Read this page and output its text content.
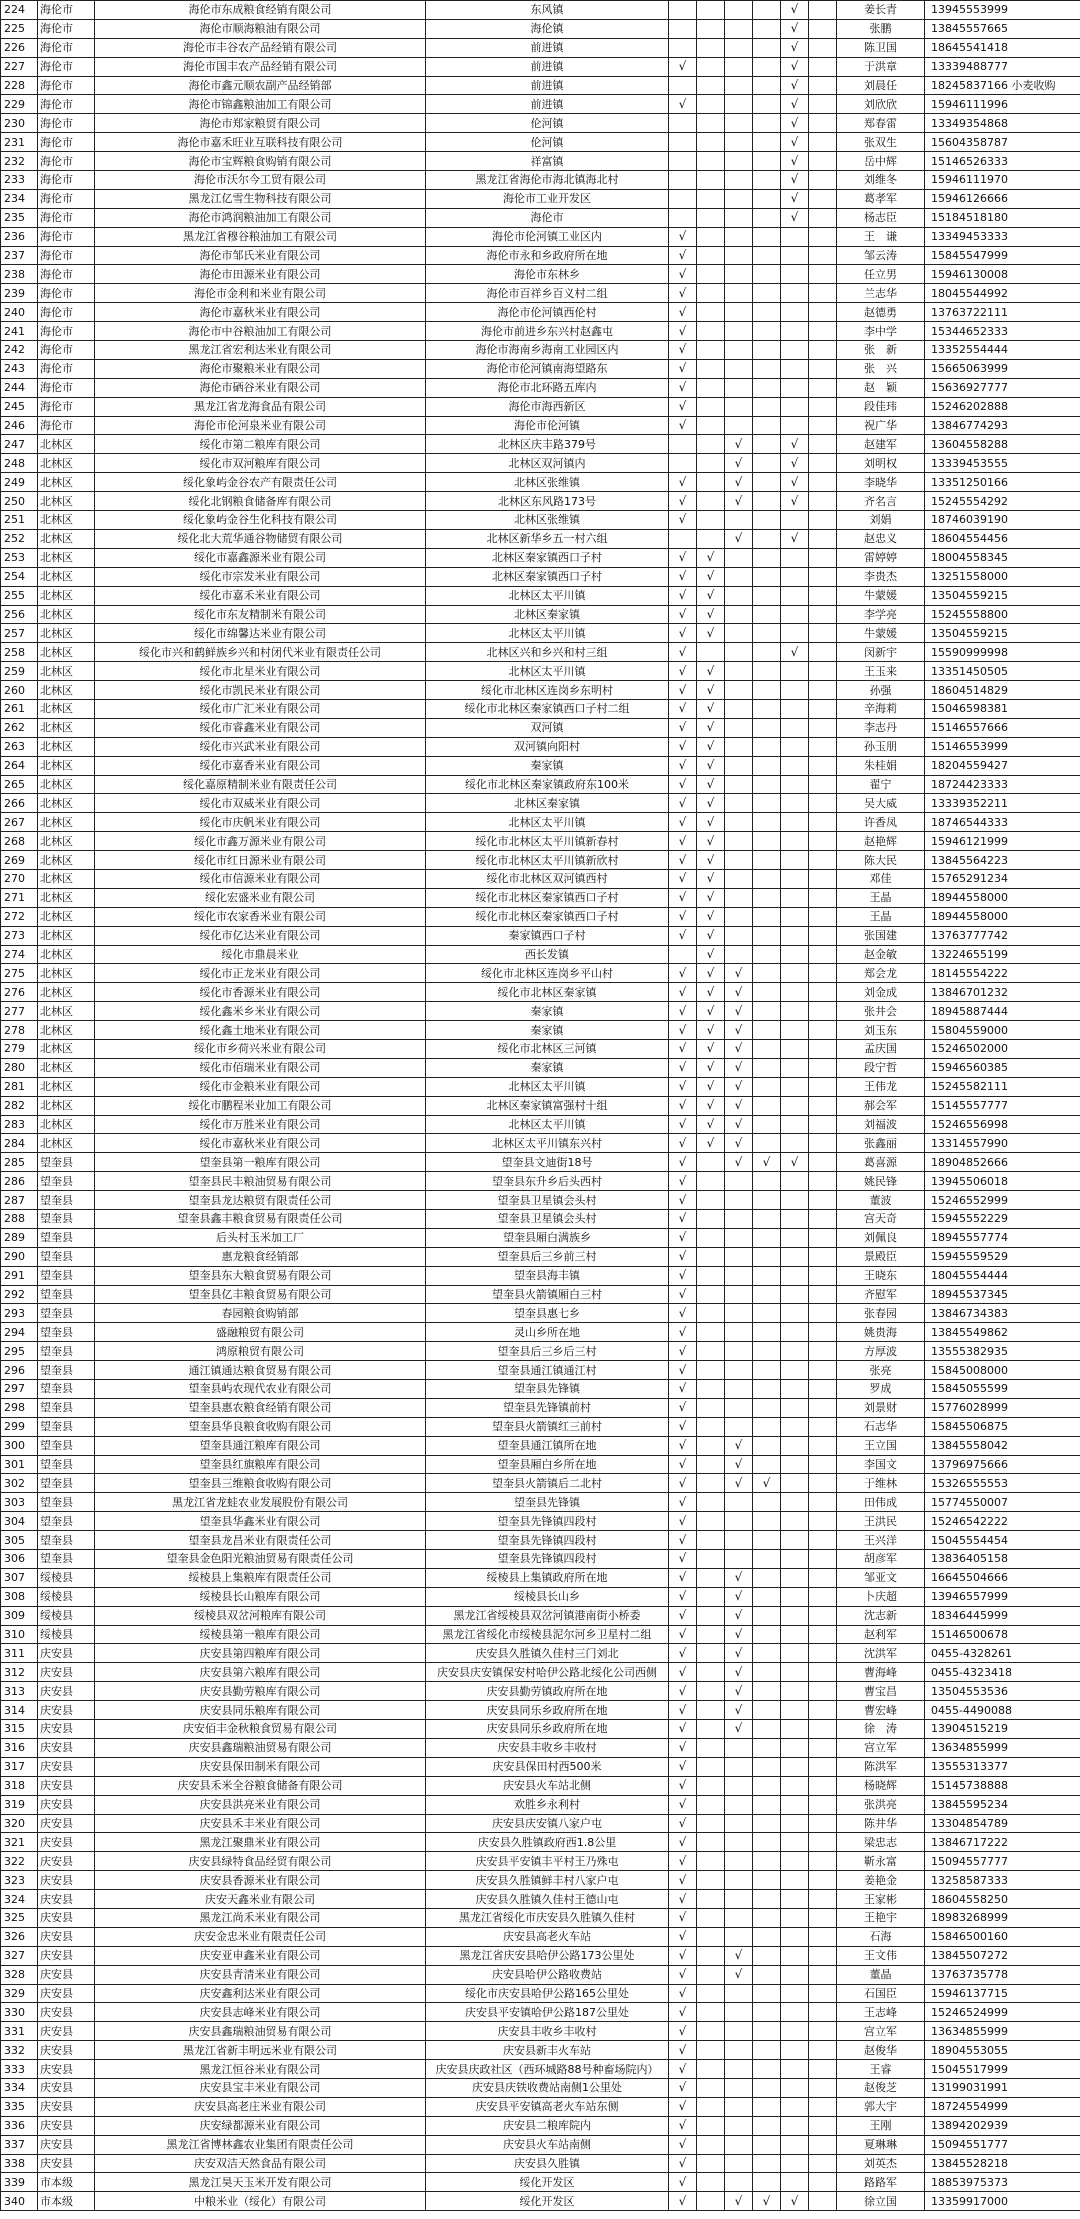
224	海伦市	海伦市东成粮食经销有限公司	东风镇					√		姜长青	13945553999
225	海伦市	海伦市顺海粮油有限公司	海伦镇					√		张鹏	13845557665
226	海伦市	海伦市丰谷农产品经销有限公司	前进镇					√		陈卫国	18645541418
227	海伦市	海伦市国丰农产品经销有限公司	前进镇	√				√		于洪章	13339488777
228	海伦市	海伦市鑫元顺农副产品经销部	前进镇					√		刘晨任	18245837166 小麦收购
229	海伦市	海伦市锦鑫粮油加工有限公司	前进镇	√				√		刘欣欣	15946111996
230	海伦市	海伦市郑家粮贸有限公司	伦河镇					√		郑春雷	13349354868
231	海伦市	海伦市嘉禾旺业互联科技有限公司	伦河镇					√		张双生	15604358787
232	海伦市	海伦市宝辉粮食购销有限公司	祥富镇					√		岳中辉	15146526333
233	海伦市	海伦市沃尔今工贸有限公司	黑龙江省海伦市海北镇海北村					√		刘维冬	15946111970
234	海伦市	黑龙江亿雪生物科技有限公司	海伦市工业开发区					√		葛孝军	15946126666
235	海伦市	海伦市鸿润粮油加工有限公司	海伦市					√		杨志臣	15184518180
236	海伦市	黑龙江省穆谷粮油加工有限公司	海伦市伦河镇工业区内	√						王　谦	13349453333
237	海伦市	海伦市邹氏米业有限公司	海伦市永和乡政府所在地	√						邹云涛	15845547999
238	海伦市	海伦市田源米业有限公司	海伦市东林乡	√						任立男	15946130008
239	海伦市	海伦市金利和米业有限公司	海伦市百祥乡百义村二组	√						兰志华	18045544992
240	海伦市	海伦市嘉秋米业有限公司	海伦市伦河镇西伦村	√						赵德勇	13763722111
241	海伦市	海伦市中谷粮油加工有限公司	海伦市前进乡东兴村赵鑫屯	√						李中学	15344652333
242	海伦市	黑龙江省宏利达米业有限公司	海伦市海南乡海南工业园区内	√						张　新	13352554444
243	海伦市	海伦市聚粮米业有限公司	海伦市伦河镇南海望路东	√						张　兴	15665063999
244	海伦市	海伦市硒谷米业有限公司	海伦市北环路五库内	√						赵　颖	15636927777
245	海伦市	黑龙江省龙海食品有限公司	海伦市海西新区	√						段佳玮	15246202888
246	海伦市	海伦市伦河泉米业有限公司	海伦市伦河镇	√						祝广华	13846774293
247	北林区	绥化市第二粮库有限公司	北林区庆丰路379号			√		√		赵建军	13604558288
248	北林区	绥化市双河粮库有限公司	北林区双河镇内			√		√		刘明权	13339453555
249	北林区	绥化象屿金谷农产有限责任公司	北林区张维镇	√		√		√		李晓华	13351250166
250	北林区	绥化北钢粮食储备库有限公司	北林区东风路173号	√		√		√		齐名言	15245554292
251	北林区	绥化象屿金谷生化科技有限公司	北林区张维镇	√						刘娟	18746039190
252	北林区	绥化北大荒华通谷物储贸有限公司	北林区新华乡五一村六组			√		√		赵忠义	18604554456
253	北林区	绥化市嘉鑫源米业有限公司	北林区秦家镇西口子村	√	√					雷婷婷	18004558345
254	北林区	绥化市宗发米业有限公司	北林区秦家镇西口子村	√	√					李贵杰	13251558000
255	北林区	绥化市嘉禾米业有限公司	北林区太平川镇	√	√					牛蒙媛	13504559215
256	北林区	绥化市东友精制米有限公司	北林区秦家镇	√	√					李学亮	15245558800
257	北林区	绥化市绵馨达米业有限公司	北林区太平川镇	√	√					牛蒙媛	13504559215
258	北林区	绥化市兴和鹤鲜族乡兴和村闭代米业有限责任公司	北林区兴和乡兴和村三组	√				√		闵新宇	15590999998
259	北林区	绥化市北星米业有限公司	北林区太平川镇	√	√					王玉来	13351450505
260	北林区	绥化市凯民米业有限公司	绥化市北林区连岗乡东明村	√	√					孙强	18604514829
261	北林区	绥化市广汇米业有限公司	绥化市北林区秦家镇西口子村二组	√	√					辛海莉	15046598381
262	北林区	绥化市睿鑫米业有限公司	双河镇	√	√					李志丹	15146557666
263	北林区	绥化市兴武米业有限公司	双河镇向阳村	√	√					孙玉朋	15146553999
264	北林区	绥化市嘉香米业有限公司	秦家镇	√	√					朱桂娟	18204559427
265	北林区	绥化嘉原精制米业有限责任公司	绥化市北林区秦家镇政府东100米	√	√					翟宁	18724423333
266	北林区	绥化市双威米业有限公司	北林区秦家镇	√	√					吴大威	13339352211
267	北林区	绥化市庆帆米业有限公司	北林区太平川镇	√	√					许香凤	18746544333
268	北林区	绥化市鑫万源米业有限公司	绥化市北林区太平川镇新春村	√	√					赵艳辉	15946121999
269	北林区	绥化市红日源米业有限公司	绥化市北林区太平川镇新欣村	√	√					陈大民	13845564223
270	北林区	绥化市信源米业有限公司	绥化市北林区双河镇西村	√	√					邓佳	15765291234
271	北林区	绥化宏盛米业有限公司	绥化市北林区秦家镇西口子村	√	√					王晶	18944558000
272	北林区	绥化市农家香米业有限公司	绥化市北林区秦家镇西口子村	√	√					王晶	18944558000
273	北林区	绥化市亿达米业有限公司	秦家镇西口子村	√	√					张国建	13763777742
274	北林区	绥化市鼎晨米业	西长发镇		√					赵金敏	13224655199
275	北林区	绥化市正龙米业有限公司	绥化市北林区连岗乡平山村	√	√	√				郑会龙	18145554222
276	北林区	绥化市香源米业有限公司	绥化市北林区秦家镇	√	√	√				刘金成	13846701232
277	北林区	绥化鑫米乡米业有限公司	秦家镇	√	√	√				张井会	18945887444
278	北林区	绥化鑫土地米业有限公司	秦家镇	√	√	√				刘玉东	15804559000
279	北林区	绥化市乡荷兴米业有限公司	绥化市北林区三河镇	√	√	√				孟庆国	15246502000
280	北林区	绥化市佰瑞米业有限公司	秦家镇	√	√	√				段宁哲	15946560385
281	北林区	绥化市金粮米业有限公司	北林区太平川镇	√	√	√				王伟龙	15245582111
282	北林区	绥化市鹏程米业加工有限公司	北林区秦家镇富强村十组	√	√	√				郝会军	15145557777
283	北林区	绥化市万胜米业有限公司	北林区太平川镇	√	√	√				刘福波	15246556998
284	北林区	绥化市嘉秋米业有限公司	北林区太平川镇东兴村	√	√	√				张鑫丽	13314557990
285	望奎县	望奎县第一粮库有限公司	望奎县文迪街18号	√		√	√	√		葛喜源	18904852666
286	望奎县	望奎县民丰粮油贸易有限公司	望奎县东升乡后头西村	√						姚民锋	13945506018
287	望奎县	望奎县龙达粮贸有限责任公司	望奎县卫星镇会头村	√						董波	15246552999
288	望奎县	望奎县鑫丰粮食贸易有限责任公司	望奎县卫星镇会头村	√						宫天奇	15945552229
289	望奎县	后头村玉米加工厂	望奎县厢白满族乡	√						刘佩良	18945557774
290	望奎县	惠龙粮食经销部	望奎县后三乡前三村	√						景殿臣	15945559529
291	望奎县	望奎县东大粮食贸易有限公司	望奎县海丰镇	√						王晓东	18045554444
292	望奎县	望奎县亿丰粮食贸易有限公司	望奎县火箭镇厢白三村	√						齐慰军	18945537345
293	望奎县	春园粮食购销部	望奎县惠七乡	√						张春园	13846734383
294	望奎县	盛融粮贸有限公司	灵山乡所在地	√						姚贵海	13845549862
295	望奎县	鸿原粮贸有限公司	望奎县后三乡后三村	√						方厚波	13555382935
296	望奎县	通江镇通达粮食贸易有限公司	望奎县通江镇通江村	√						张亮	15845008000
297	望奎县	望奎县屿农现代农业有限公司	望奎县先锋镇	√						罗成	15845055599
298	望奎县	望奎县惠农粮食经销有限公司	望奎县先锋镇前村	√						刘景财	15776028999
299	望奎县	望奎县华良粮食收购有限公司	望奎县火箭镇红三前村	√						石志华	15845506875
300	望奎县	望奎县通江粮库有限公司	望奎县通江镇所在地	√		√				王立国	13845558042
301	望奎县	望奎县红旗粮库有限公司	望奎县厢白乡所在地	√		√				李国文	13796975666
302	望奎县	望奎县三维粮食收购有限公司	望奎县火箭镇后二北村	√		√	√			于维林	15326555553
303	望奎县	黑龙江省龙蛙农业发展股份有限公司	望奎县先锋镇	√						田伟成	15774550007
304	望奎县	望奎县华鑫米业有限公司	望奎县先锋镇四段村	√						王洪民	15246542222
305	望奎县	望奎县龙昌米业有限责任公司	望奎县先锋镇四段村	√						王兴洋	15045554454
306	望奎县	望奎县金色阳光粮油贸易有限责任公司	望奎县先锋镇四段村	√						胡彦军	13836405158
307	绥棱县	绥棱县上集粮库有限责任公司	绥棱县上集镇政府所在地	√		√				邹亚文	16645504666
308	绥棱县	绥棱县长山粮库有限公司	绥棱县长山乡	√		√				卜庆超	13946557999
309	绥棱县	绥棱县双岔河粮库有限公司	黑龙江省绥棱县双岔河镇港南街小桥委	√		√				沈志新	18346445999
310	绥棱县	绥棱县第一粮库有限公司	黑龙江省绥化市绥棱县泥尔河乡卫星村二组	√		√				赵利军	15146500678
311	庆安县	庆安县第四粮库有限公司	庆安县久胜镇久佳村三门刘北	√		√				沈洪军	0455-4328261
312	庆安县	庆安县第六粮库有限公司	庆安县庆安镇保安村哈伊公路北绥化公司西侧	√		√				曹海峰	0455-4323418
313	庆安县	庆安县勤劳粮库有限公司	庆安县勤劳镇政府所在地	√		√				曹宝昌	13504553536
314	庆安县	庆安县同乐粮库有限公司	庆安县同乐乡政府所在地	√		√				曹宏峰	0455-4490088
315	庆安县	庆安佰丰金秋粮食贸易有限公司	庆安县同乐乡政府所在地	√		√				徐　涛	13904515219
316	庆安县	庆安县鑫瑞粮油贸易有限公司	庆安县丰收乡丰收村	√						宫立军	13634855999
317	庆安县	庆安县保田制米有限公司	庆安县保田村西500米	√						陈洪军	13555313377
318	庆安县	庆安县禾米全谷粮食储备有限公司	庆安县火车站北侧	√						杨晓辉	15145738888
319	庆安县	庆安县洪亮米业有限公司	欢胜乡永利村	√						张洪亮	13845595234
320	庆安县	庆安县禾丰米业有限公司	庆安县庆安镇八家户屯	√						陈井华	13304854789
321	庆安县	黑龙江聚鼎米业有限公司	庆安县久胜镇政府西1.8公里	√						梁忠志	13846717222
322	庆安县	庆安县绿特食品经贸有限公司	庆安县平安镇丰平村王乃殊屯	√						靳永富	15094557777
323	庆安县	庆安县香源米业有限公司	庆安县久胜镇鲜丰村八家户屯	√						姜艳金	13258587333
324	庆安县	庆安天鑫米业有限公司	庆安县久胜镇久佳村王德山屯	√						王家彬	18604558250
325	庆安县	黑龙江尚禾米业有限公司	黑龙江省绥化市庆安县久胜镇久佳村	√						王艳宇	18983268999
326	庆安县	庆安金忠米业有限责任公司	庆安县高老火车站	√						石海	15846500160
327	庆安县	庆安亚申鑫米业有限公司	黑龙江省庆安县哈伊公路173公里处	√		√				王文伟	13845507272
328	庆安县	庆安县青清米业有限公司	庆安县哈伊公路收费站	√		√				董晶	13763735778
329	庆安县	庆安鑫利达米业有限公司	绥化市庆安县哈伊公路165公里处	√						石国臣	15946137715
330	庆安县	庆安县志峰米业有限公司	庆安县平安镇哈伊公路187公里处	√						王志峰	15246524999
331	庆安县	庆安县鑫瑞粮油贸易有限公司	庆安县丰收乡丰收村	√						宫立军	13634855999
332	庆安县	黑龙江省新丰明远米业有限公司	庆安县新丰火车站	√						赵俊华	18904553055
333	庆安县	黑龙江恒谷米业有限公司	庆安县庆政社区（西环城路88号种畜场院内）	√						王睿	15045517999
334	庆安县	庆安县宝丰米业有限公司	庆安县庆铁收费站南侧1公里处	√						赵俊芝	13199031991
335	庆安县	庆安县高老庄米业有限公司	庆安县平安镇高老火车站东侧	√						郭大宇	18724554999
336	庆安县	庆安绿都源米业有限公司	庆安县二粮库院内	√						王刚	13894202939
337	庆安县	黑龙江省博林鑫农业集团有限责任公司	庆安县火车站南侧	√						夏琳琳	15094551777
338	庆安县	庆安双洁天然食品有限公司	庆安县久胜镇	√						刘英杰	13845528218
339	市本级	黑龙江昊天玉米开发有限公司	绥化开发区	√						路路军	18853975373
340	市本级	中粮米业（绥化）有限公司	绥化开发区	√		√	√	√		徐立国	13359917000
